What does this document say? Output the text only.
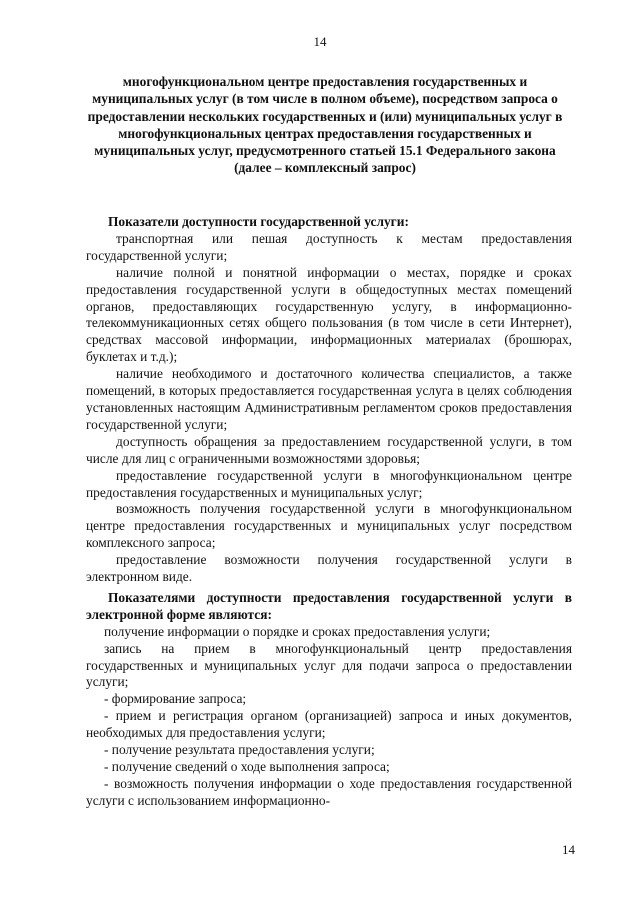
14
многофункциональном центре предоставления государственных и муниципальных услуг (в том числе в полном объеме), посредством запроса о предоставлении нескольких государственных и (или) муниципальных услуг в многофункциональных центрах предоставления государственных и муниципальных услуг, предусмотренного статьей 15.1 Федерального закона (далее – комплексный запрос)

Показатели доступности государственной услуги:

транспортная или пешая доступность к местам предоставления государственной услуги;

наличие полной и понятной информации о местах, порядке и сроках предоставления государственной услуги в общедоступных местах помещений органов, предоставляющих государственную услугу, в информационно-телекоммуникационных сетях общего пользования (в том числе в сети Интернет), средствах массовой информации, информационных материалах (брошюрах, буклетах и т.д.);

наличие необходимого и достаточного количества специалистов, а также помещений, в которых предоставляется государственная услуга в целях соблюдения установленных настоящим Административным регламентом сроков предоставления государственной услуги;

доступность обращения за предоставлением государственной услуги, в том числе для лиц с ограниченными возможностями здоровья;

предоставление государственной услуги в многофункциональном центре предоставления государственных и муниципальных услуг;

возможность получения государственной услуги в многофункциональном центре предоставления государственных и муниципальных услуг посредством комплексного запроса;

предоставление возможности получения государственной услуги в электронном виде.

Показателями доступности предоставления государственной услуги в электронной форме являются:

получение информации о порядке и сроках предоставления услуги;

запись на прием в многофункциональный центр предоставления государственных и муниципальных услуг для подачи запроса о предоставлении услуги;

- формирование запроса;

- прием и регистрация органом (организацией) запроса и иных документов, необходимых для предоставления услуги;

- получение результата предоставления услуги;

- получение сведений о ходе выполнения запроса;

- возможность получения информации о ходе предоставления государственной услуги с использованием информационно-

14
